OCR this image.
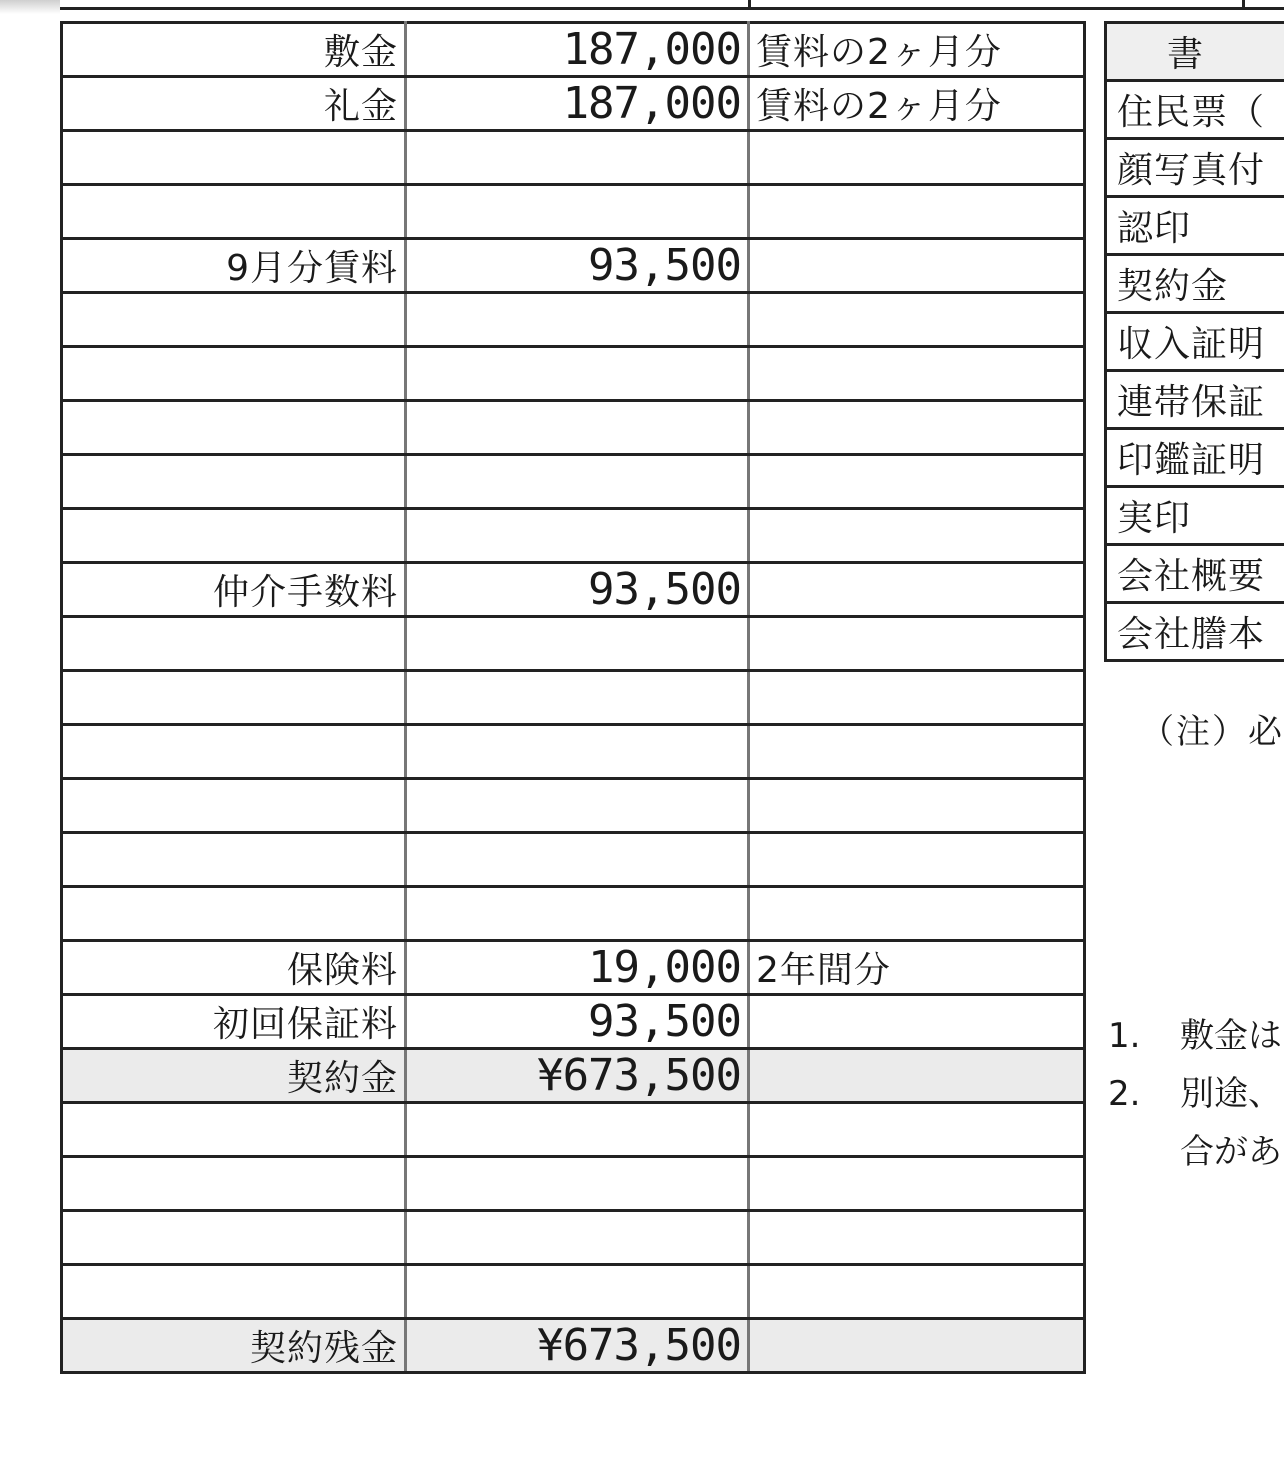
敷金	187,000	賃料の2ヶ月分
礼金	187,000	賃料の2ヶ月分

9月分賃料	93,500	

仲介手数料	93,500	

保険料	19,000	2年間分
初回保証料	93,500	
契約金	¥673,500	

契約残金	¥673,500	
書
住民票（
顔写真付
認印
契約金
収入証明
連帯保証
印鑑証明
実印
会社概要
会社謄本
（注）必
1. 敷金は
2. 別途、
合があ
